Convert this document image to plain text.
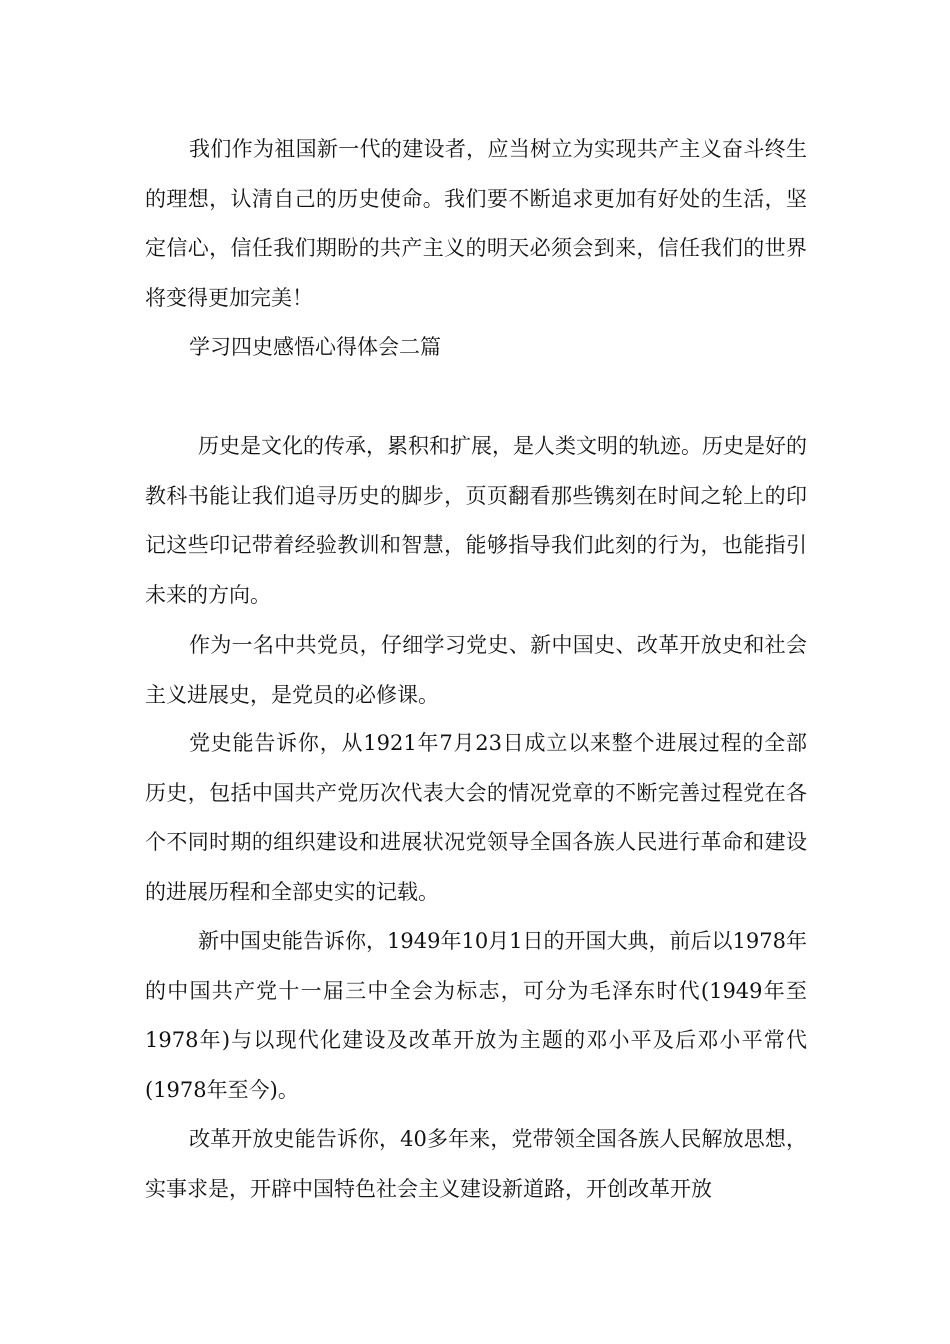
我们作为祖国新一代的建设者，应当树立为实现共产主义奋斗终生的理想，认清自己的历史使命。我们要不断追求更加有好处的生活，坚定信心，信任我们期盼的共产主义的明天必须会到来，信任我们的世界将变得更加完美！

学习四史感悟心得体会二篇

历史是文化的传承，累积和扩展，是人类文明的轨迹。历史是好的教科书能让我们追寻历史的脚步，页页翻看那些镌刻在时间之轮上的印记这些印记带着经验教训和智慧，能够指导我们此刻的行为，也能指引未来的方向。

作为一名中共党员，仔细学习党史、新中国史、改革开放史和社会主义进展史，是党员的必修课。

党史能告诉你，从1921年7月23日成立以来整个进展过程的全部历史，包括中国共产党历次代表大会的情况党章的不断完善过程党在各个不同时期的组织建设和进展状况党领导全国各族人民进行革命和建设的进展历程和全部史实的记载。

新中国史能告诉你，1949年10月1日的开国大典，前后以1978年的中国共产党十一届三中全会为标志，可分为毛泽东时代(1949年至1978年)与以现代化建设及改革开放为主题的邓小平及后邓小平常代(1978年至今)。

改革开放史能告诉你，40多年来，党带领全国各族人民解放思想，实事求是，开辟中国特色社会主义建设新道路，开创改革开放
